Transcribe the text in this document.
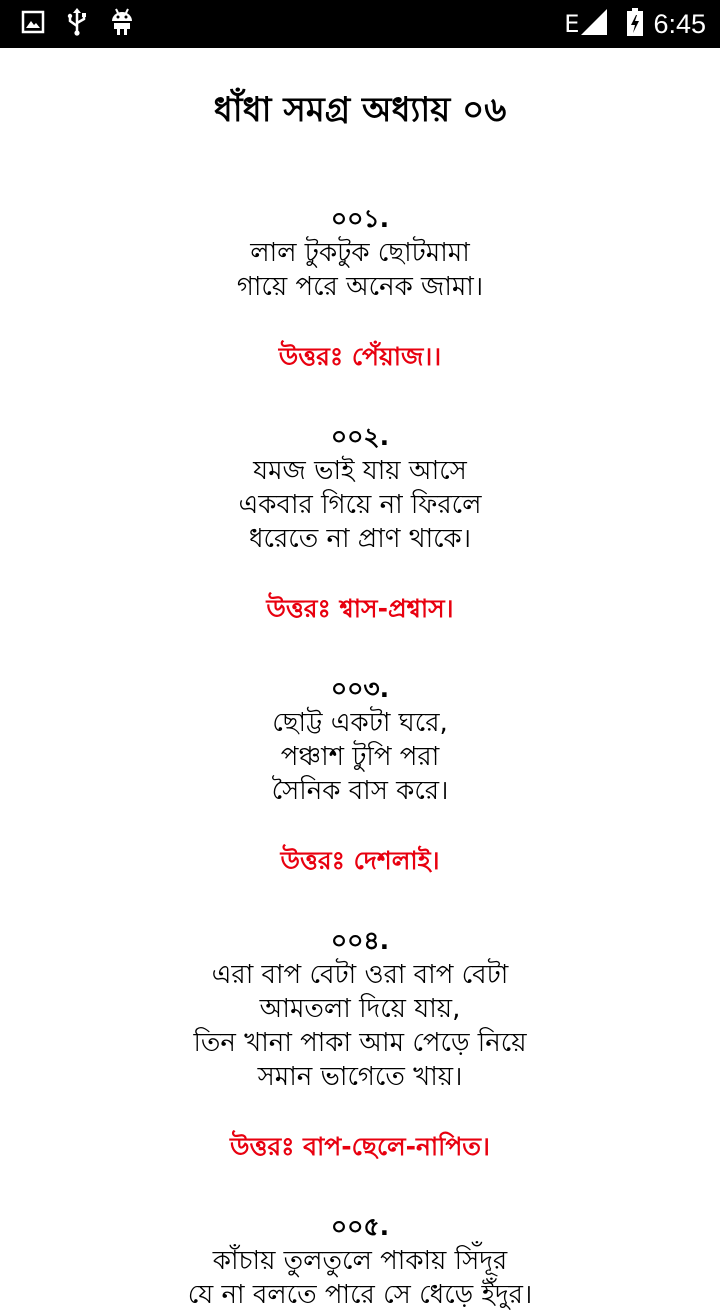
E	6:45
ধাঁধা সমগ্র অধ্যায় ০৬
০০১.
লাল টুকটুক ছোটমামা
গায়ে পরে অনেক জামা।
উত্তরঃ পেঁয়াজ।।
০০২.
যমজ ভাই যায় আসে
একবার গিয়ে না ফিরলে
ধরেতে না প্রাণ থাকে।
উত্তরঃ শ্বাস-প্রশ্বাস।
০০৩.
ছোট্ট একটা ঘরে,
পঞ্চাশ টুপি পরা
সৈনিক বাস করে।
উত্তরঃ দেশলাই।
০০৪.
এরা বাপ বেটা ওরা বাপ বেটা
আমতলা দিয়ে যায়,
তিন খানা পাকা আম পেড়ে নিয়ে
সমান ভাগেতে খায়।
উত্তরঃ বাপ-ছেলে-নাপিত।
০০৫.
কাঁচায় তুলতুলে পাকায় সিঁদূর
যে না বলতে পারে সে ধেড়ে ইঁদুর।
